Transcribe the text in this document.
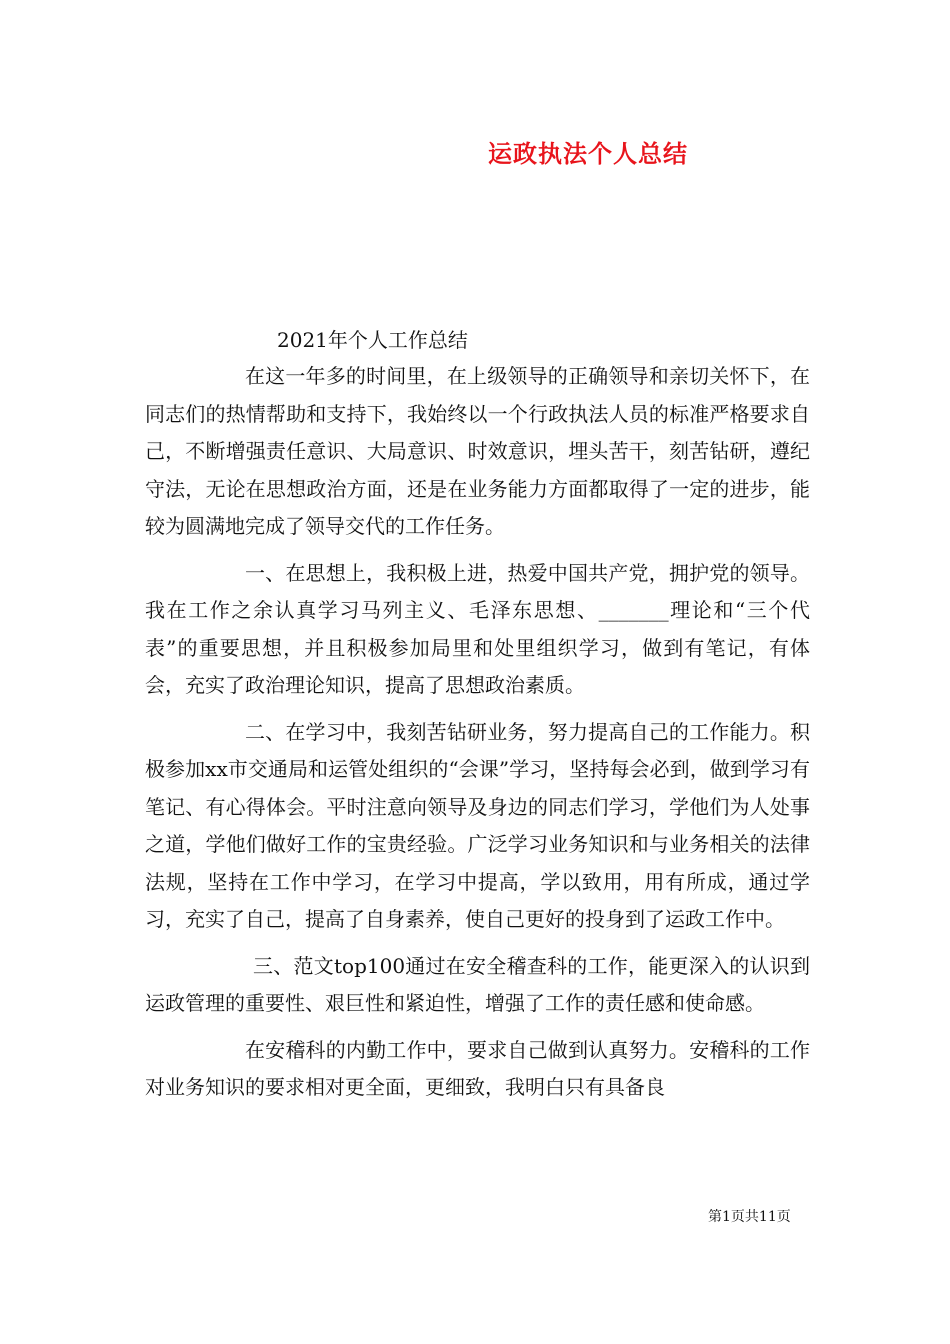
运政执法个人总结

2021年个人工作总结

在这一年多的时间里，在上级领导的正确领导和亲切关怀下，在同志们的热情帮助和支持下，我始终以一个行政执法人员的标准严格要求自己，不断增强责任意识、大局意识、时效意识，埋头苦干，刻苦钻研，遵纪守法，无论在思想政治方面，还是在业务能力方面都取得了一定的进步，能较为圆满地完成了领导交代的工作任务。

一、在思想上，我积极上进，热爱中国共产党，拥护党的领导。我在工作之余认真学习马列主义、毛泽东思想、_______理论和“三个代表”的重要思想，并且积极参加局里和处里组织学习，做到有笔记，有体会，充实了政治理论知识，提高了思想政治素质。

二、在学习中，我刻苦钻研业务，努力提高自己的工作能力。积极参加xx市交通局和运管处组织的“会课”学习，坚持每会必到，做到学习有笔记、有心得体会。平时注意向领导及身边的同志们学习，学他们为人处事之道，学他们做好工作的宝贵经验。广泛学习业务知识和与业务相关的法律法规，坚持在工作中学习，在学习中提高，学以致用，用有所成，通过学习，充实了自己，提高了自身素养，使自己更好的投身到了运政工作中。

三、范文top100通过在安全稽查科的工作，能更深入的认识到运政管理的重要性、艰巨性和紧迫性，增强了工作的责任感和使命感。

在安稽科的内勤工作中，要求自己做到认真努力。安稽科的工作对业务知识的要求相对更全面，更细致，我明白只有具备良

第1页共11页
